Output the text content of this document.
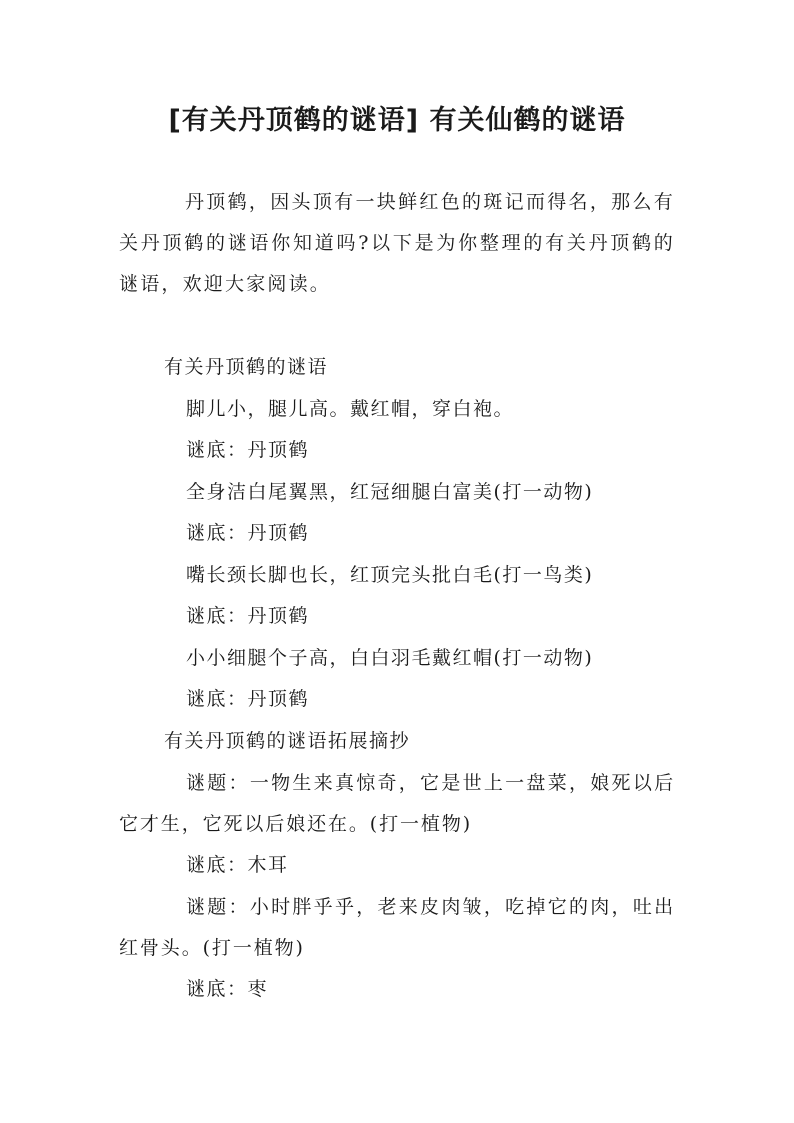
[有关丹顶鹤的谜语] 有关仙鹤的谜语

丹顶鹤，因头顶有一块鲜红色的斑记而得名，那么有关丹顶鹤的谜语你知道吗?以下是为你整理的有关丹顶鹤的谜语，欢迎大家阅读。

有关丹顶鹤的谜语

脚儿小，腿儿高。戴红帽，穿白袍。

谜底：丹顶鹤

全身洁白尾翼黑，红冠细腿白富美(打一动物)

谜底：丹顶鹤

嘴长颈长脚也长，红顶完头批白毛(打一鸟类)

谜底：丹顶鹤

小小细腿个子高，白白羽毛戴红帽(打一动物)

谜底：丹顶鹤

有关丹顶鹤的谜语拓展摘抄

谜题：一物生来真惊奇，它是世上一盘菜，娘死以后它才生，它死以后娘还在。(打一植物)

谜底：木耳

谜题：小时胖乎乎，老来皮肉皱，吃掉它的肉，吐出红骨头。(打一植物)

谜底：枣
